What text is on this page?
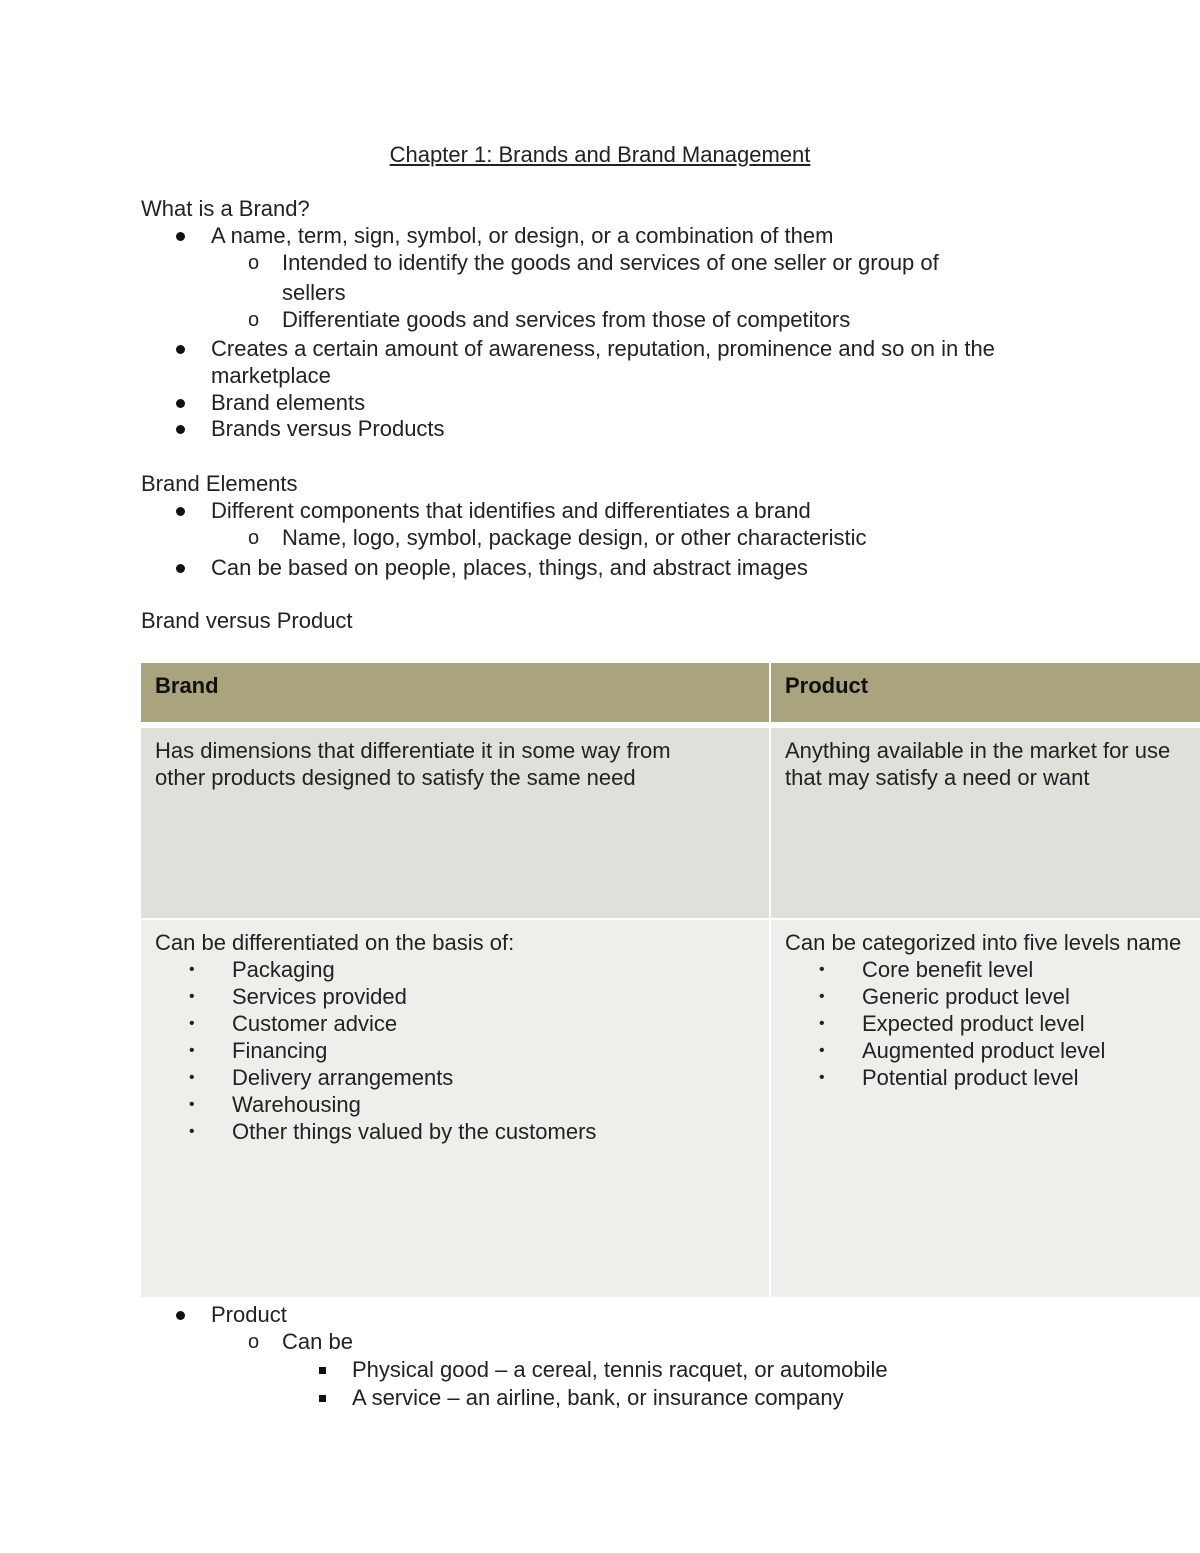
Chapter 1: Brands and Brand Management
What is a Brand?
A name, term, sign, symbol, or design, or a combination of them
o Intended to identify the goods and services of one seller or group of
sellers
o Differentiate goods and services from those of competitors
Creates a certain amount of awareness, reputation, prominence and so on in the
marketplace
Brand elements
Brands versus Products
Brand Elements
Different components that identifies and differentiates a brand
o Name, logo, symbol, package design, or other characteristic
Can be based on people, places, things, and abstract images
Brand versus Product
Brand	Product
Has dimensions that differentiate it in some way from
other products designed to satisfy the same need
Anything available in the market for use
that may satisfy a need or want
Can be differentiated on the basis of:
• Packaging
• Services provided
• Customer advice
• Financing
• Delivery arrangements
• Warehousing
• Other things valued by the customers
Can be categorized into five levels name
• Core benefit level
• Generic product level
• Expected product level
• Augmented product level
• Potential product level
Product
o Can be
Physical good – a cereal, tennis racquet, or automobile
A service – an airline, bank, or insurance company
